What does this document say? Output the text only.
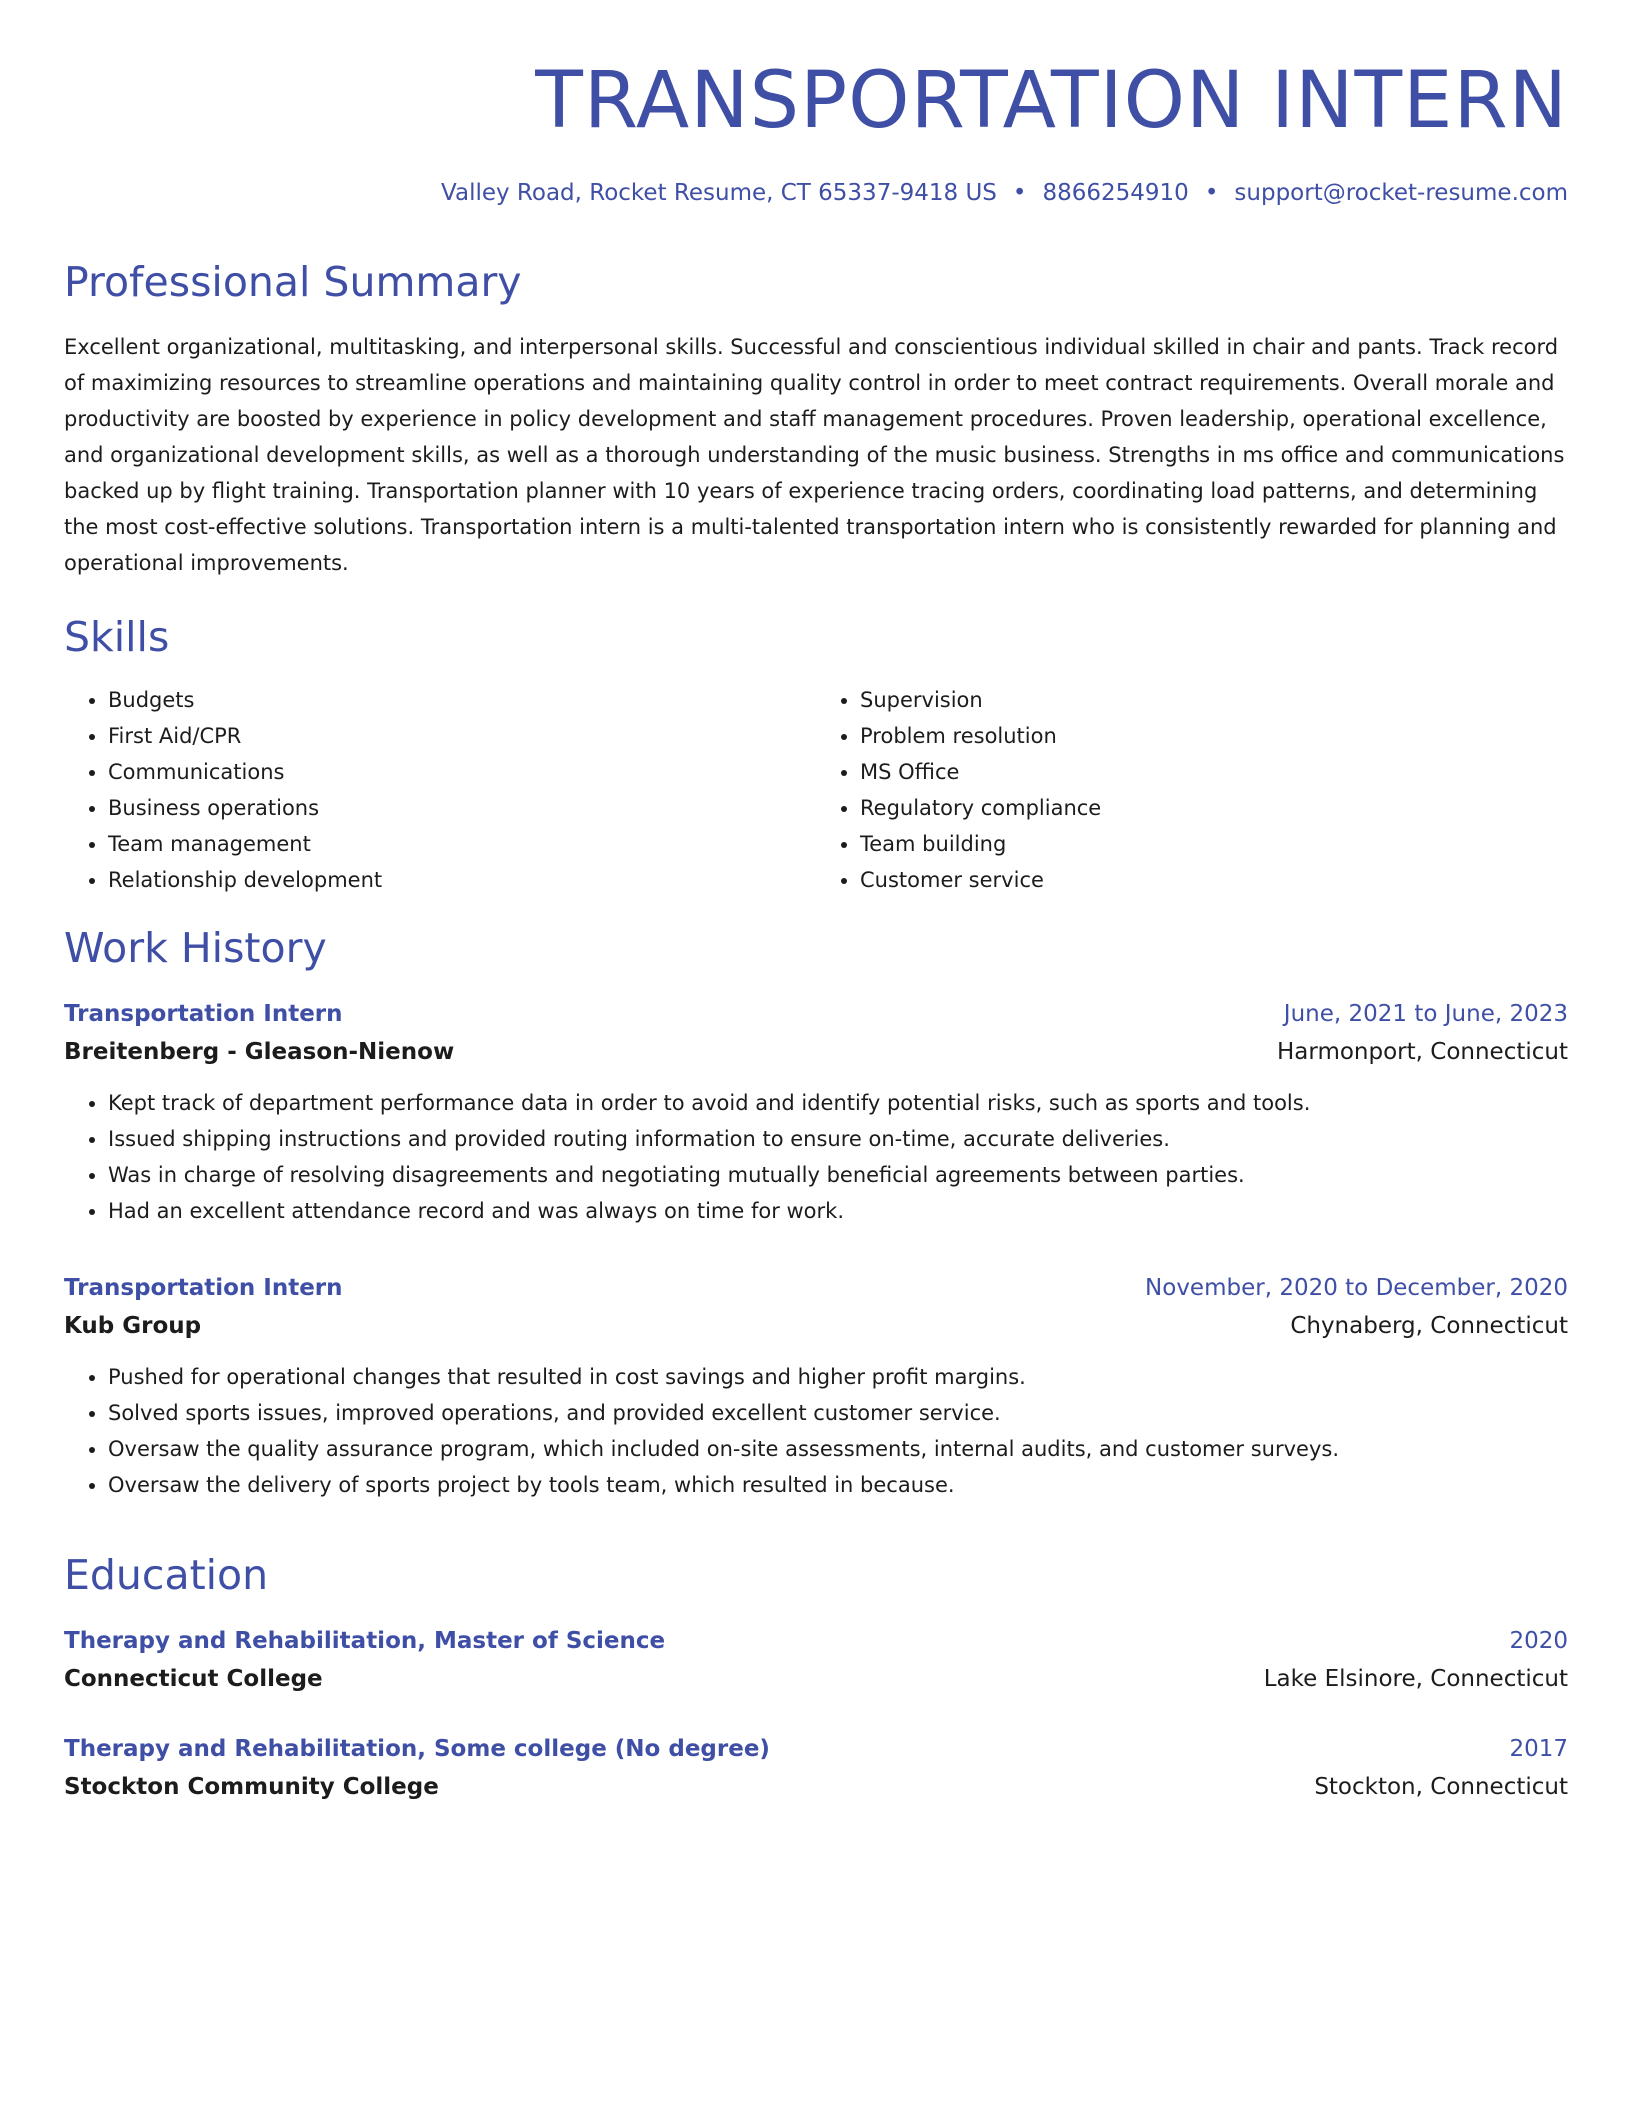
TRANSPORTATION INTERN
Valley Road, Rocket Resume, CT 65337-9418 US • 8866254910 • support@rocket-resume.com
Professional Summary

Excellent organizational, multitasking, and interpersonal skills. Successful and conscientious individual skilled in chair and pants. Track record of maximizing resources to streamline operations and maintaining quality control in order to meet contract requirements. Overall morale and productivity are boosted by experience in policy development and staff management procedures. Proven leadership, operational excellence, and organizational development skills, as well as a thorough understanding of the music business. Strengths in ms office and communications backed up by flight training. Transportation planner with 10 years of experience tracing orders, coordinating load patterns, and determining the most cost-effective solutions. Transportation intern is a multi-talented transportation intern who is consistently rewarded for planning and operational improvements.

Skills
• Budgets
• First Aid/CPR
• Communications
• Business operations
• Team management
• Relationship development
• Supervision
• Problem resolution
• MS Office
• Regulatory compliance
• Team building
• Customer service
Work History
Transportation Intern	June, 2021 to June, 2023
Breitenberg - Gleason-Nienow	Harmonport, Connecticut
• Kept track of department performance data in order to avoid and identify potential risks, such as sports and tools.
• Issued shipping instructions and provided routing information to ensure on-time, accurate deliveries.
• Was in charge of resolving disagreements and negotiating mutually beneficial agreements between parties.
• Had an excellent attendance record and was always on time for work.
Transportation Intern	November, 2020 to December, 2020
Kub Group	Chynaberg, Connecticut
• Pushed for operational changes that resulted in cost savings and higher profit margins.
• Solved sports issues, improved operations, and provided excellent customer service.
• Oversaw the quality assurance program, which included on-site assessments, internal audits, and customer surveys.
• Oversaw the delivery of sports project by tools team, which resulted in because.
Education
Therapy and Rehabilitation, Master of Science	2020
Connecticut College	Lake Elsinore, Connecticut
Therapy and Rehabilitation, Some college (No degree)	2017
Stockton Community College	Stockton, Connecticut
